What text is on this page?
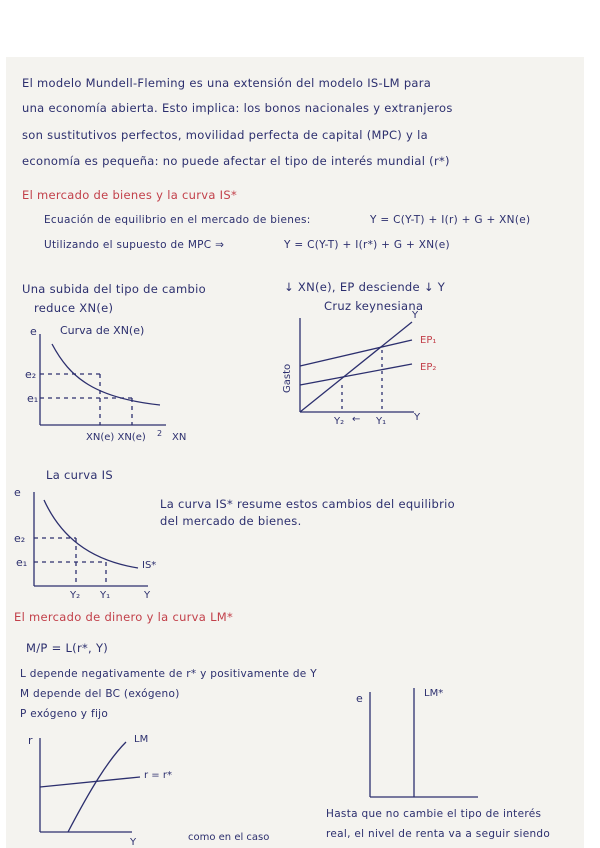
El modelo Mundell-Fleming es una extensión del modelo IS-LM para
una economía abierta. Esto implica: los bonos nacionales y extranjeros
son sustitutivos perfectos, movilidad perfecta de capital (MPC) y la
economía es pequeña: no puede afectar el tipo de interés mundial (r*)
El mercado de bienes y la curva IS*
Ecuación de equilibrio en el mercado de bienes:	Y = C(Y-T) + I(r) + G + XN(e)
Utilizando el supuesto de MPC ⇒	Y = C(Y-T) + I(r*) + G + XN(e)
Una subida del tipo de cambio
reduce XN(e)
↓ XN(e), EP desciende ↓ Y
Cruz keynesiana
e Curva de XN(e)
e₂
e₁
XN(e) XN(e) 2 XN
Y
EP₁
EP₂
Gasto
Y₂ ← Y₁	Y
La curva IS
La curva IS* resume estos cambios del equilibrio
del mercado de bienes.
e
e₂
e₁	IS*
Y₂ Y₁	Y
El mercado de dinero y la curva LM*
M/P = L(r*, Y)
L depende negativamente de r* y positivamente de Y
M depende del BC (exógeno)
P exógeno y fijo
r	LM
r = r*
Y	como en el caso
e	LM*
Hasta que no cambie el tipo de interés
real, el nivel de renta va a seguir siendo
